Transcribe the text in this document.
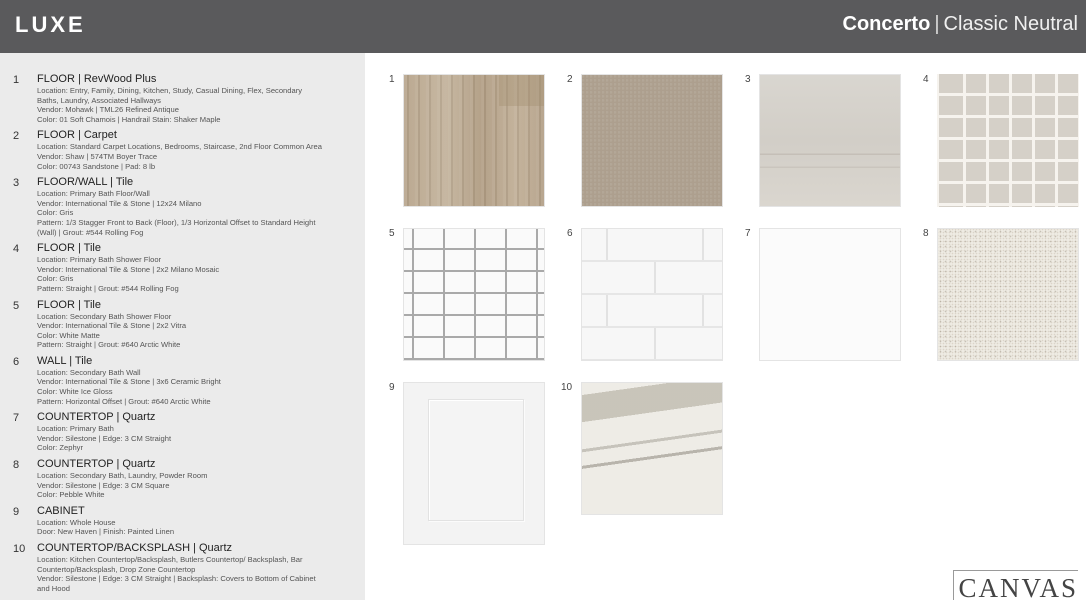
LUXE	Concerto | Classic Neutral
1 FLOOR | RevWood Plus
Location: Entry, Family, Dining, Kitchen, Study, Casual Dining, Flex, Secondary Baths, Laundry, Associated Hallways
Vendor: Mohawk | TML26 Refined Antique
Color: 01 Soft Chamois | Handrail Stain: Shaker Maple
2 FLOOR | Carpet
Location: Standard Carpet Locations, Bedrooms, Staircase, 2nd Floor Common Area
Vendor: Shaw | 574TM Boyer Trace
Color: 00743 Sandstone | Pad: 8 lb
3 FLOOR/WALL | Tile
Location: Primary Bath Floor/Wall
Vendor: International Tile & Stone | 12x24 Milano
Color: Gris
Pattern: 1/3 Stagger Front to Back (Floor), 1/3 Horizontal Offset to Standard Height (Wall) | Grout: #544 Rolling Fog
4 FLOOR | Tile
Location: Primary Bath Shower Floor
Vendor: International Tile & Stone | 2x2 Milano Mosaic
Color: Gris
Pattern: Straight | Grout: #544 Rolling Fog
5 FLOOR | Tile
Location: Secondary Bath Shower Floor
Vendor: International Tile & Stone | 2x2 Vitra
Color: White Matte
Pattern: Straight | Grout: #640 Arctic White
6 WALL | Tile
Location: Secondary Bath Wall
Vendor: International Tile & Stone | 3x6 Ceramic Bright
Color: White Ice Gloss
Pattern: Horizontal Offset | Grout: #640 Arctic White
7 COUNTERTOP | Quartz
Location: Primary Bath
Vendor: Silestone | Edge: 3 CM Straight
Color: Zephyr
8 COUNTERTOP | Quartz
Location: Secondary Bath, Laundry, Powder Room
Vendor: Silestone | Edge: 3 CM Square
Color: Pebble White
9 CABINET
Location: Whole House
Door: New Haven | Finish: Painted Linen
10 COUNTERTOP/BACKSPLASH | Quartz
Location: Kitchen Countertop/Backsplash, Butlers Countertop/ Backsplash, Bar Countertop/Backsplash, Drop Zone Countertop
Vendor: Silestone | Edge: 3 CM Straight | Backsplash: Covers to Bottom of Cabinet and Hood
1	2	3	4
5	6	7	8
9	10
CANVAS
